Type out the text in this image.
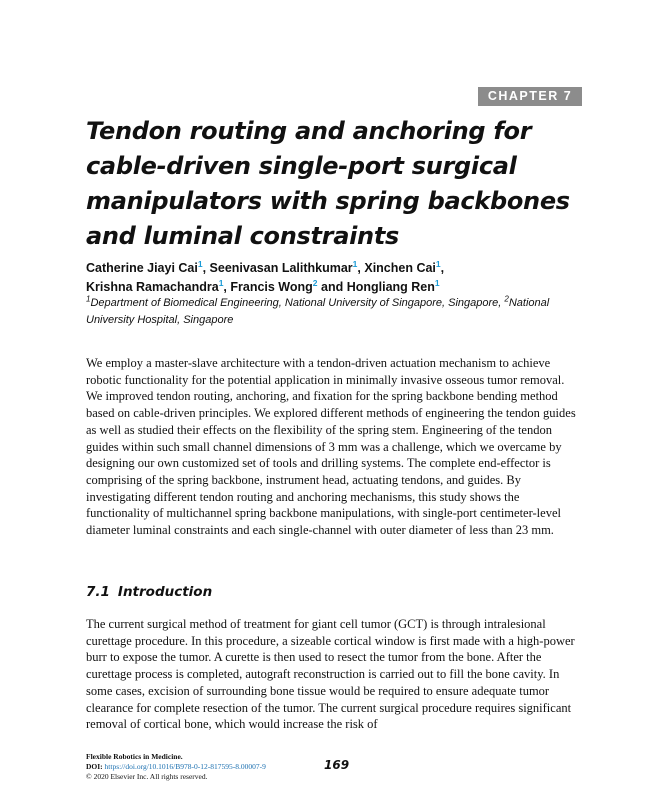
CHAPTER 7
Tendon routing and anchoring for
cable-driven single-port surgical
manipulators with spring backbones
and luminal constraints
Catherine Jiayi Cai$^1$, Seenivasan Lalithkumar$^1$, Xinchen Cai$^1$,
Krishna Ramachandra$^1$, Francis Wong$^2$ and Hongliang Ren$^1$
$^1$Department of Biomedical Engineering, National University of Singapore, Singapore, $^2$National University Hospital, Singapore

We employ a master-slave architecture with a tendon-driven actuation mechanism to achieve robotic functionality for the potential application in minimally invasive osseous tumor removal. We improved tendon routing, anchoring, and fixation for the spring backbone bending method based on cable-driven principles. We explored different methods of engineering the tendon guides as well as studied their effects on the flexibility of the spring stem. Engineering of the tendon guides within such small channel dimensions of 3 mm was a challenge, which we overcame by designing our own customized set of tools and drilling systems. The complete end-effector is comprising of the spring backbone, instrument head, actuating tendons, and guides. By investigating different tendon routing and anchoring mechanisms, this study shows the functionality of multichannel spring backbone manipulations, with single-port centimeter-level diameter luminal constraints and each single-channel with outer diameter of less than 23 mm.

7.1 Introduction

The current surgical method of treatment for giant cell tumor (GCT) is through intralesional curettage procedure. In this procedure, a sizeable cortical window is first made with a high-power burr to expose the tumor. A curette is then used to resect the tumor from the bone. After the curettage process is completed, autograft reconstruction is carried out to fill the bone cavity. In some cases, excision of surrounding bone tissue would be required to ensure adequate tumor clearance for complete resection of the tumor. The current surgical procedure requires significant removal of cortical bone, which would increase the risk of

Flexible Robotics in Medicine.
DOI: https://doi.org/10.1016/B978-0-12-817595-8.00007-9
© 2020 Elsevier Inc. All rights reserved.
169
